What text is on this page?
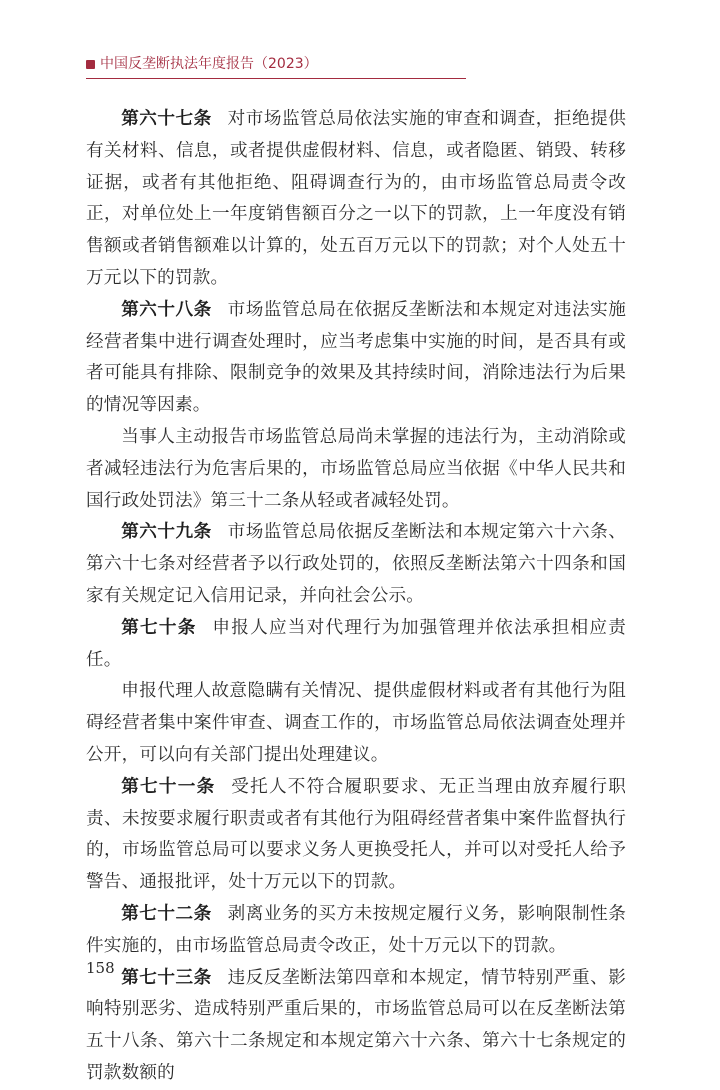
中国反垄断执法年度报告（2023）

第六十七条 对市场监管总局依法实施的审查和调查，拒绝提供有关材料、信息，或者提供虚假材料、信息，或者隐匿、销毁、转移证据，或者有其他拒绝、阻碍调查行为的，由市场监管总局责令改正，对单位处上一年度销售额百分之一以下的罚款，上一年度没有销售额或者销售额难以计算的，处五百万元以下的罚款；对个人处五十万元以下的罚款。

第六十八条 市场监管总局在依据反垄断法和本规定对违法实施经营者集中进行调查处理时，应当考虑集中实施的时间，是否具有或者可能具有排除、限制竞争的效果及其持续时间，消除违法行为后果的情况等因素。

当事人主动报告市场监管总局尚未掌握的违法行为，主动消除或者减轻违法行为危害后果的，市场监管总局应当依据《中华人民共和国行政处罚法》第三十二条从轻或者减轻处罚。

第六十九条 市场监管总局依据反垄断法和本规定第六十六条、第六十七条对经营者予以行政处罚的，依照反垄断法第六十四条和国家有关规定记入信用记录，并向社会公示。

第七十条 申报人应当对代理行为加强管理并依法承担相应责任。

申报代理人故意隐瞒有关情况、提供虚假材料或者有其他行为阻碍经营者集中案件审查、调查工作的，市场监管总局依法调查处理并公开，可以向有关部门提出处理建议。

第七十一条 受托人不符合履职要求、无正当理由放弃履行职责、未按要求履行职责或者有其他行为阻碍经营者集中案件监督执行的，市场监管总局可以要求义务人更换受托人，并可以对受托人给予警告、通报批评，处十万元以下的罚款。

第七十二条 剥离业务的买方未按规定履行义务，影响限制性条件实施的，由市场监管总局责令改正，处十万元以下的罚款。

第七十三条 违反反垄断法第四章和本规定，情节特别严重、影响特别恶劣、造成特别严重后果的，市场监管总局可以在反垄断法第五十八条、第六十二条规定和本规定第六十六条、第六十七条规定的罚款数额的

158
